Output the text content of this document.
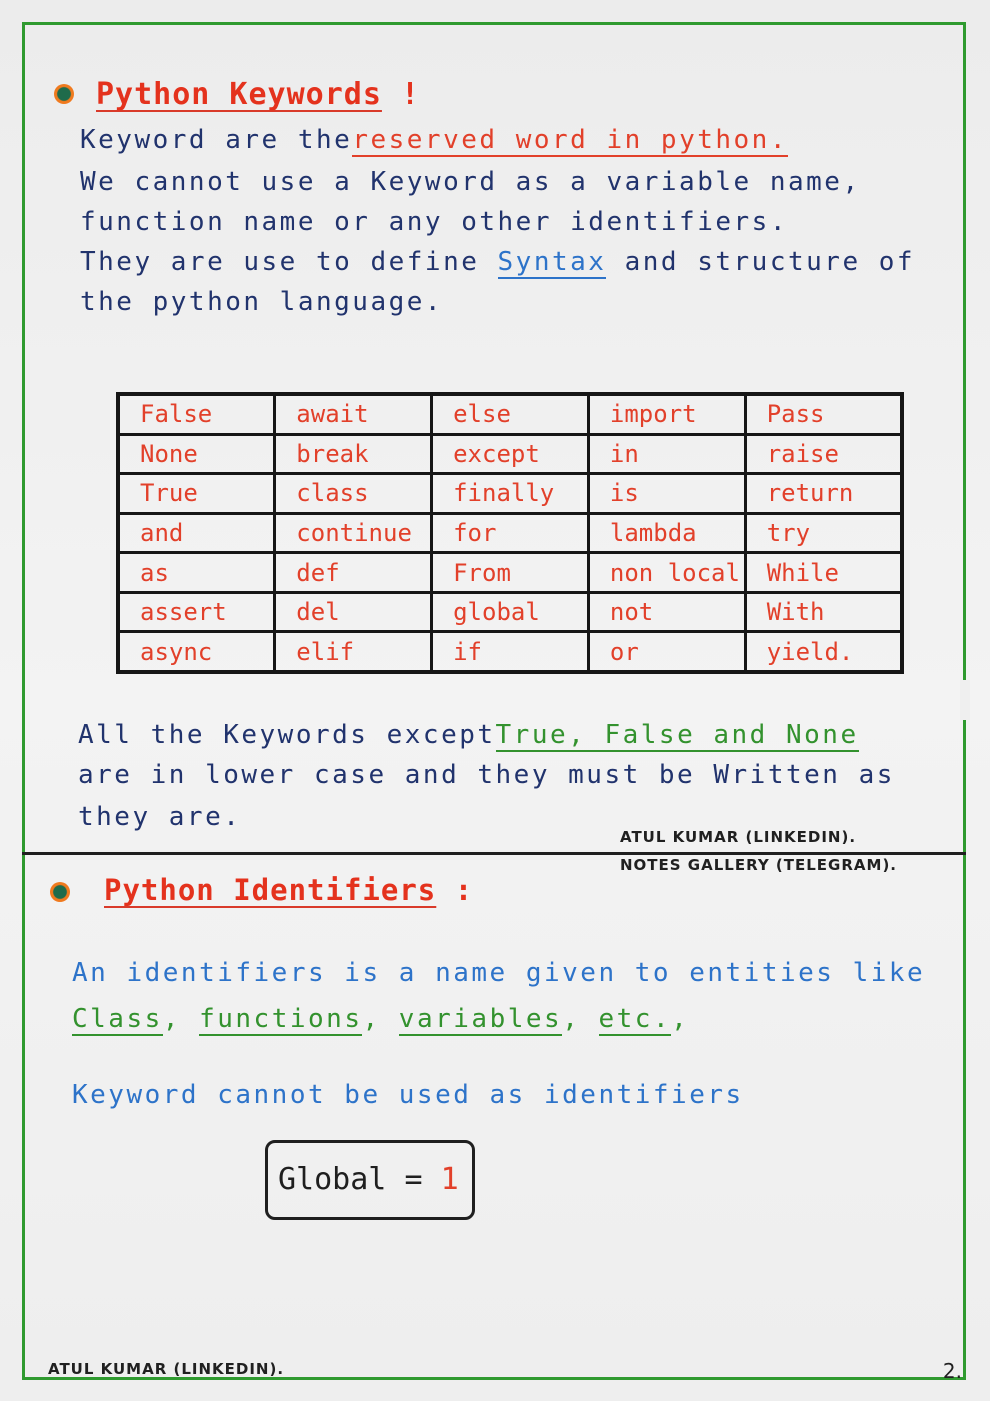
Python Keywords !
Keyword are thereserved word in python.
We cannot use a Keyword as a variable name,
function name or any other identifiers.
They are use to define Syntax and structure of
the python language.
False	await	else	import	Pass
None	break	except	in	raise
True	class	finally	is	return
and	continue	for	lambda	try
as	def	From	non local	While
assert	del	global	not	With
async	elif	if	or	yield.
All the Keywords exceptTrue, False and None
are in lower case and they must be Written as
they are.
ATUL KUMAR (LINKEDIN).
NOTES GALLERY (TELEGRAM).
Python Identifiers :
An identifiers is a name given to entities like
Class, functions, variables, etc.,
Keyword cannot be used as identifiers
Global = 1
ATUL KUMAR (LINKEDIN).	2.
